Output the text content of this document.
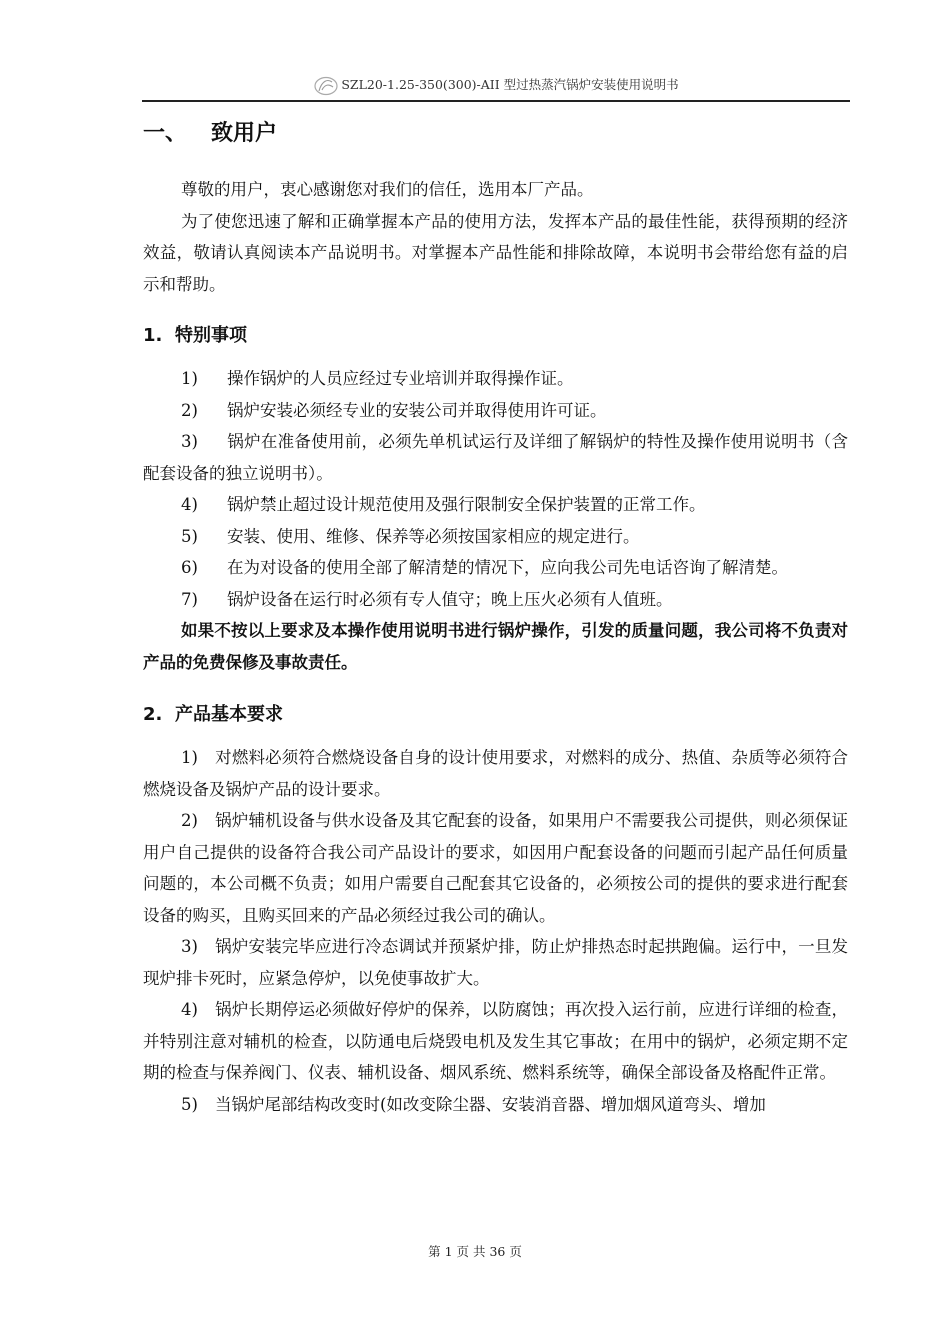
SZL20-1.25-350(300)-AII 型过热蒸汽锅炉安装使用说明书
一、 致用户

尊敬的用户，衷心感谢您对我们的信任，选用本厂产品。

为了使您迅速了解和正确掌握本产品的使用方法，发挥本产品的最佳性能，获得预期的经济效益，敬请认真阅读本产品说明书。对掌握本产品性能和排除故障，本说明书会带给您有益的启示和帮助。

1. 特别事项

1) 操作锅炉的人员应经过专业培训并取得操作证。

2) 锅炉安装必须经专业的安装公司并取得使用许可证。

3) 锅炉在准备使用前，必须先单机试运行及详细了解锅炉的特性及操作使用说明书（含配套设备的独立说明书）。

4) 锅炉禁止超过设计规范使用及强行限制安全保护装置的正常工作。

5) 安装、使用、维修、保养等必须按国家相应的规定进行。

6) 在为对设备的使用全部了解清楚的情况下，应向我公司先电话咨询了解清楚。

7) 锅炉设备在运行时必须有专人值守；晚上压火必须有人值班。

如果不按以上要求及本操作使用说明书进行锅炉操作，引发的质量问题，我公司将不负责对产品的免费保修及事故责任。

2. 产品基本要求

1) 对燃料必须符合燃烧设备自身的设计使用要求，对燃料的成分、热值、杂质等必须符合燃烧设备及锅炉产品的设计要求。

2) 锅炉辅机设备与供水设备及其它配套的设备，如果用户不需要我公司提供，则必须保证用户自己提供的设备符合我公司产品设计的要求，如因用户配套设备的问题而引起产品任何质量问题的，本公司概不负责；如用户需要自己配套其它设备的，必须按公司的提供的要求进行配套设备的购买，且购买回来的产品必须经过我公司的确认。

3) 锅炉安装完毕应进行冷态调试并预紧炉排，防止炉排热态时起拱跑偏。运行中，一旦发现炉排卡死时，应紧急停炉，以免使事故扩大。

4) 锅炉长期停运必须做好停炉的保养，以防腐蚀；再次投入运行前，应进行详细的检查，并特别注意对辅机的检查，以防通电后烧毁电机及发生其它事故；在用中的锅炉，必须定期不定期的检查与保养阀门、仪表、辅机设备、烟风系统、燃料系统等，确保全部设备及格配件正常。

5) 当锅炉尾部结构改变时(如改变除尘器、安装消音器、增加烟风道弯头、增加

第 1 页 共 36 页
